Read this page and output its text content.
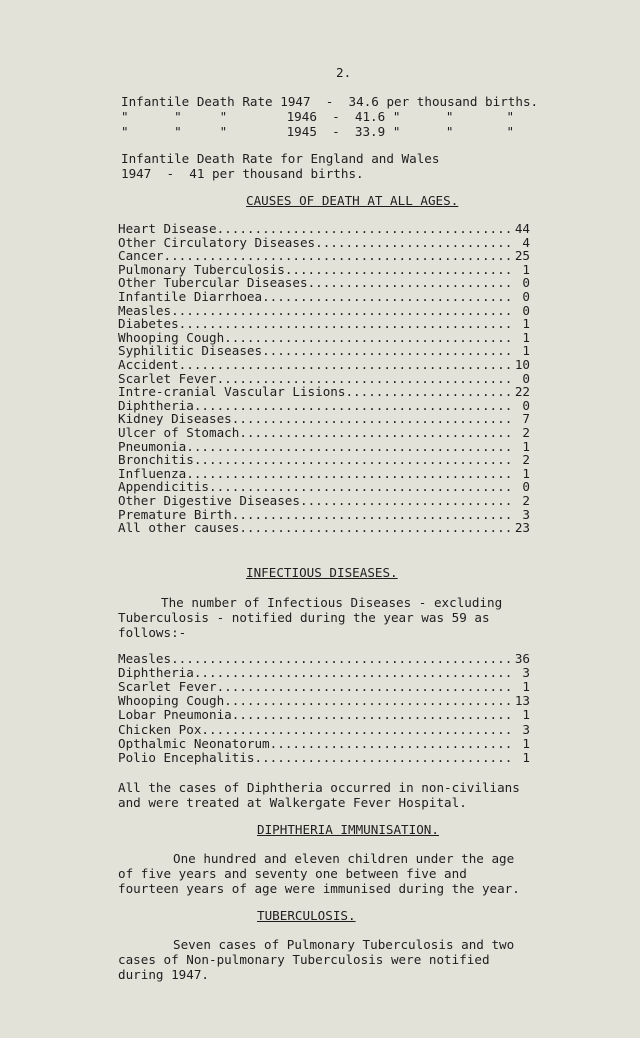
2.
Infantile Death Rate 1947 - 34.6 per thousand births.
"      "     "	1946 - 41.6 "      "       "
"      "     "	1945 - 33.9 "      "       "
Infantile Death Rate for England and Wales
1947  -  41 per thousand births.
CAUSES OF DEATH AT ALL AGES.
Heart Disease .....	44
Other Circulatory Diseases .....	4
Cancer .....	25
Pulmonary Tuberculosis .....	1
Other Tubercular Diseases .....	0
Infantile Diarrhoea .....	0
Measles .....	0
Diabetes .....	1
Whooping Cough .....	1
Syphilitic Diseases .....	1
Accident .....	10
Scarlet Fever .....	0
Intre-cranial Vascular Lisions .....	22
Diphtheria .....	0
Kidney Diseases .....	7
Ulcer of Stomach .....	2
Pneumonia .....	1
Bronchitis .....	2
Influenza .....	1
Appendicitis .....	0
Other Digestive Diseases .....	2
Premature Birth .....	3
All other causes .....	23
INFECTIOUS DISEASES.
The number of Infectious Diseases - excluding
Tuberculosis - notified during the year was 59 as
follows:-
Measles .....	36
Diphtheria .....	3
Scarlet Fever .....	1
Whooping Cough .....	13
Lobar Pneumonia .....	1
Chicken Pox .....	3
Opthalmic Neonatorum .....	1
Polio Encephalitis .....	1
All the cases of Diphtheria occurred in non-civilians
and were treated at Walkergate Fever Hospital.
DIPHTHERIA IMMUNISATION.
One hundred and eleven children under the age
of five years and seventy one between five and
fourteen years of age were immunised during the year.
TUBERCULOSIS.
Seven cases of Pulmonary Tuberculosis and two
cases of Non-pulmonary Tuberculosis were notified
during 1947.
